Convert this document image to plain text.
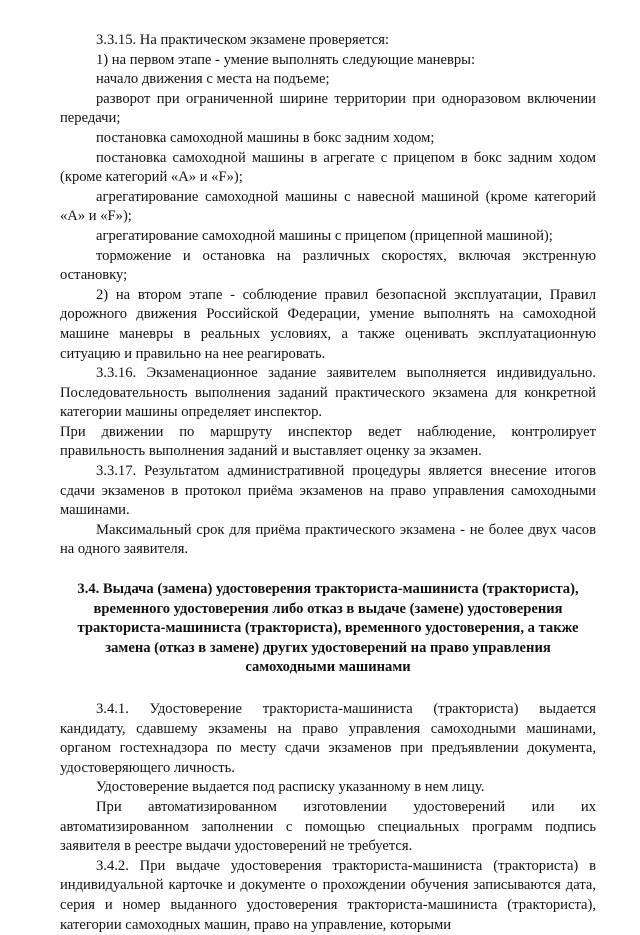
3.3.15. На практическом экзамене проверяется:

1) на первом этапе - умение выполнять следующие маневры:

начало движения с места на подъеме;

разворот при ограниченной ширине территории при одноразовом включении передачи;

постановка самоходной машины в бокс задним ходом;

постановка самоходной машины в агрегате с прицепом в бокс задним ходом (кроме категорий «А» и «F»);

агрегатирование самоходной машины с навесной машиной (кроме категорий «А» и «F»);

агрегатирование самоходной машины с прицепом (прицепной машиной);

торможение и остановка на различных скоростях, включая экстренную остановку;

2) на втором этапе - соблюдение правил безопасной эксплуатации, Правил дорожного движения Российской Федерации, умение выполнять на самоходной машине маневры в реальных условиях, а также оценивать эксплуатационную ситуацию и правильно на нее реагировать.

3.3.16. Экзаменационное задание заявителем выполняется индивидуально. Последовательность выполнения заданий практического экзамена для конкретной категории машины определяет инспектор.

При движении по маршруту инспектор ведет наблюдение, контролирует правильность выполнения заданий и выставляет оценку за экзамен.

3.3.17. Результатом административной процедуры является внесение итогов сдачи экзаменов в протокол приёма экзаменов на право управления самоходными машинами.

Максимальный срок для приёма практического экзамена - не более двух часов на одного заявителя.

3.4. Выдача (замена) удостоверения тракториста-машиниста (тракториста), временного удостоверения либо отказ в выдаче (замене) удостоверения тракториста-машиниста (тракториста), временного удостоверения, а также замена (отказ в замене) других удостоверений на право управления самоходными машинами

3.4.1. Удостоверение тракториста-машиниста (тракториста) выдается кандидату, сдавшему экзамены на право управления самоходными машинами, органом гостехнадзора по месту сдачи экзаменов при предъявлении документа, удостоверяющего личность.

Удостоверение выдается под расписку указанному в нем лицу.

При автоматизированном изготовлении удостоверений или их автоматизированном заполнении с помощью специальных программ подпись заявителя в реестре выдачи удостоверений не требуется.

3.4.2. При выдаче удостоверения тракториста-машиниста (тракториста) в индивидуальной карточке и документе о прохождении обучения записываются дата, серия и номер выданного удостоверения тракториста-машиниста (тракториста), категории самоходных машин, право на управление, которыми
